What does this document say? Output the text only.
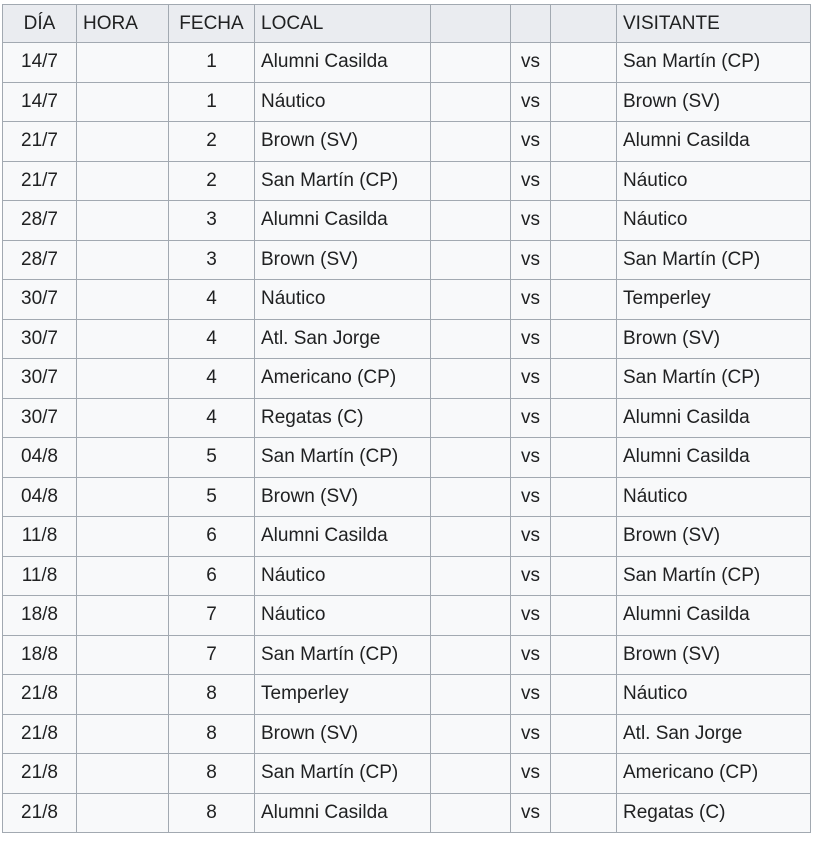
DÍA	HORA	FECHA	LOCAL				VISITANTE
14/7		1	Alumni Casilda		vs		San Martín (CP)
14/7		1	Náutico		vs		Brown (SV)
21/7		2	Brown (SV)		vs		Alumni Casilda
21/7		2	San Martín (CP)		vs		Náutico
28/7		3	Alumni Casilda		vs		Náutico
28/7		3	Brown (SV)		vs		San Martín (CP)
30/7		4	Náutico		vs		Temperley
30/7		4	Atl. San Jorge		vs		Brown (SV)
30/7		4	Americano (CP)		vs		San Martín (CP)
30/7		4	Regatas (C)		vs		Alumni Casilda
04/8		5	San Martín (CP)		vs		Alumni Casilda
04/8		5	Brown (SV)		vs		Náutico
11/8		6	Alumni Casilda		vs		Brown (SV)
11/8		6	Náutico		vs		San Martín (CP)
18/8		7	Náutico		vs		Alumni Casilda
18/8		7	San Martín (CP)		vs		Brown (SV)
21/8		8	Temperley		vs		Náutico
21/8		8	Brown (SV)		vs		Atl. San Jorge
21/8		8	San Martín (CP)		vs		Americano (CP)
21/8		8	Alumni Casilda		vs		Regatas (C)
